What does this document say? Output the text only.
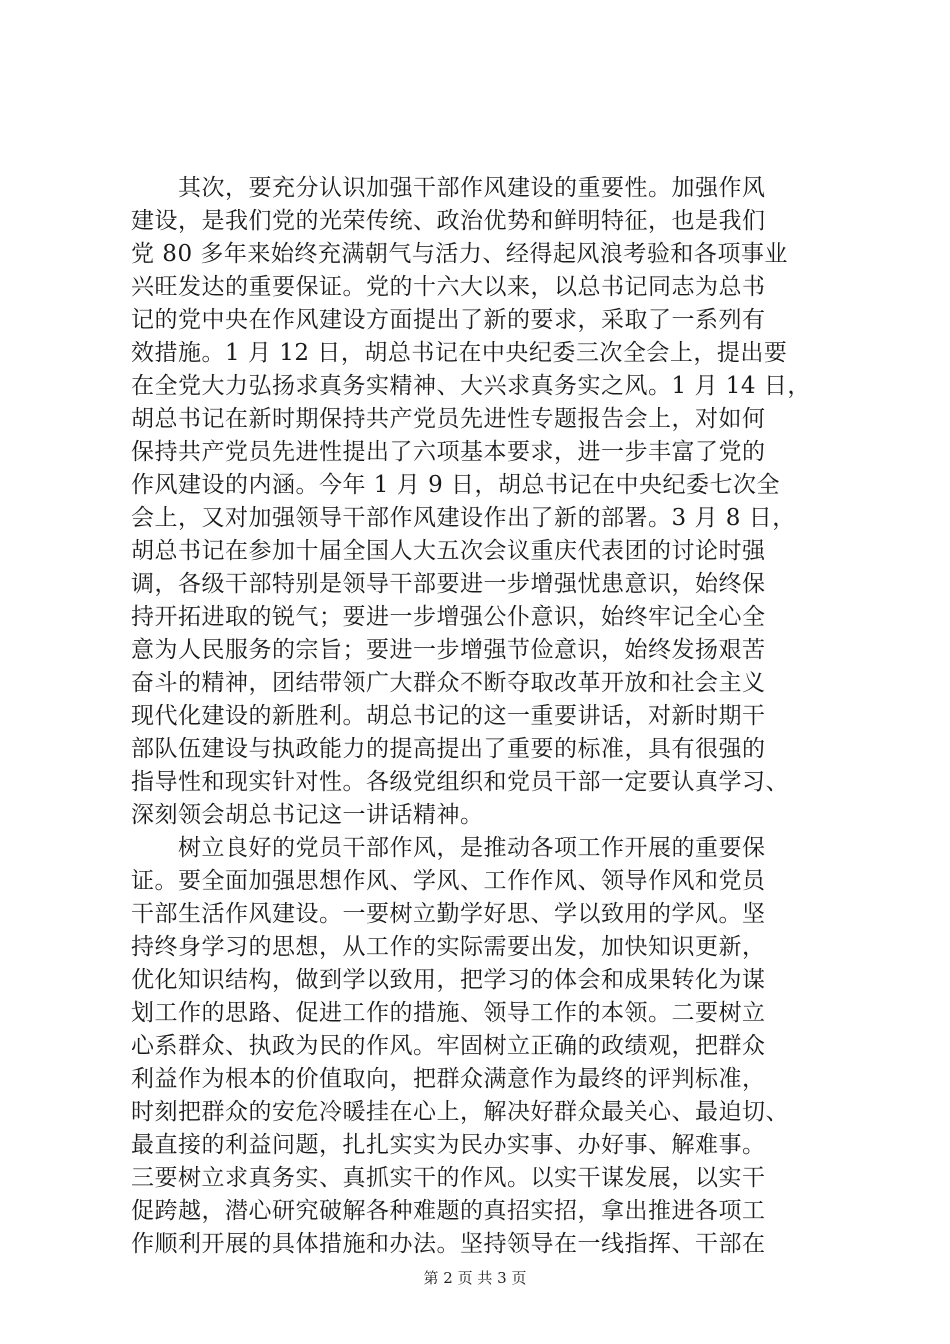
　　其次，要充分认识加强干部作风建设的重要性。加强作风
建设，是我们党的光荣传统、政治优势和鲜明特征，也是我们
党 80 多年来始终充满朝气与活力、经得起风浪考验和各项事业
兴旺发达的重要保证。党的十六大以来，以总书记同志为总书
记的党中央在作风建设方面提出了新的要求，采取了一系列有
效措施。1 月 12 日，胡总书记在中央纪委三次全会上，提出要
在全党大力弘扬求真务实精神、大兴求真务实之风。1 月 14 日，
胡总书记在新时期保持共产党员先进性专题报告会上，对如何
保持共产党员先进性提出了六项基本要求，进一步丰富了党的
作风建设的内涵。今年 1 月 9 日，胡总书记在中央纪委七次全
会上，又对加强领导干部作风建设作出了新的部署。3 月 8 日，
胡总书记在参加十届全国人大五次会议重庆代表团的讨论时强
调，各级干部特别是领导干部要进一步增强忧患意识，始终保
持开拓进取的锐气；要进一步增强公仆意识，始终牢记全心全
意为人民服务的宗旨；要进一步增强节俭意识，始终发扬艰苦
奋斗的精神，团结带领广大群众不断夺取改革开放和社会主义
现代化建设的新胜利。胡总书记的这一重要讲话，对新时期干
部队伍建设与执政能力的提高提出了重要的标准，具有很强的
指导性和现实针对性。各级党组织和党员干部一定要认真学习、
深刻领会胡总书记这一讲话精神。
　　树立良好的党员干部作风，是推动各项工作开展的重要保
证。要全面加强思想作风、学风、工作作风、领导作风和党员
干部生活作风建设。一要树立勤学好思、学以致用的学风。坚
持终身学习的思想，从工作的实际需要出发，加快知识更新，
优化知识结构，做到学以致用，把学习的体会和成果转化为谋
划工作的思路、促进工作的措施、领导工作的本领。二要树立
心系群众、执政为民的作风。牢固树立正确的政绩观，把群众
利益作为根本的价值取向，把群众满意作为最终的评判标准，
时刻把群众的安危冷暖挂在心上，解决好群众最关心、最迫切、
最直接的利益问题，扎扎实实为民办实事、办好事、解难事。
三要树立求真务实、真抓实干的作风。以实干谋发展，以实干
促跨越，潜心研究破解各种难题的真招实招，拿出推进各项工
作顺利开展的具体措施和办法。坚持领导在一线指挥、干部在
第 2 页 共 3 页
